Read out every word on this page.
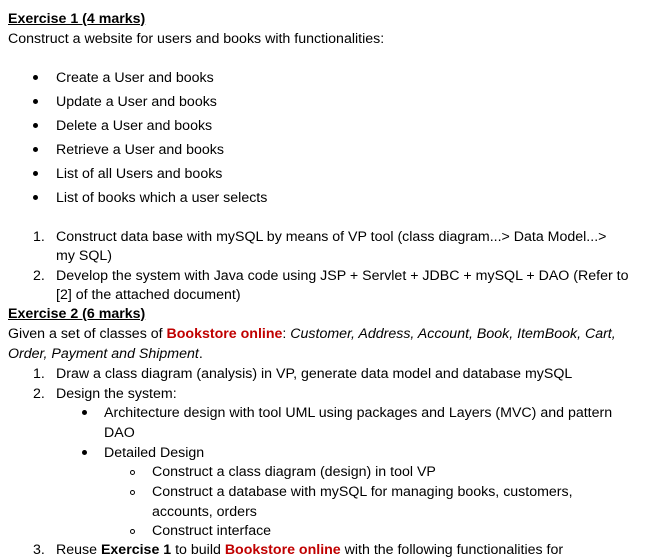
Exercise 1 (4 marks)
Construct a website for users and books with functionalities:
Create a User and books
Update a User and books
Delete a User and books
Retrieve a User and books
List of all Users and books
List of books which a user selects
1. Construct data base with mySQL by means of VP tool (class diagram...> Data Model...>
my SQL)
2. Develop the system with Java code using JSP + Servlet + JDBC + mySQL + DAO (Refer to
[2] of the attached document)
Exercise 2 (6 marks)
Given a set of classes of Bookstore online: Customer, Address, Account, Book, ItemBook, Cart,
Order, Payment and Shipment.
1. Draw a class diagram (analysis) in VP, generate data model and database mySQL
2. Design the system:
Architecture design with tool UML using packages and Layers (MVC) and pattern
DAO
Detailed Design
Construct a class diagram (design) in tool VP
Construct a database with mySQL for managing books, customers,
accounts, orders
Construct interface
3. Reuse Exercise 1 to build Bookstore online with the following functionalities for
